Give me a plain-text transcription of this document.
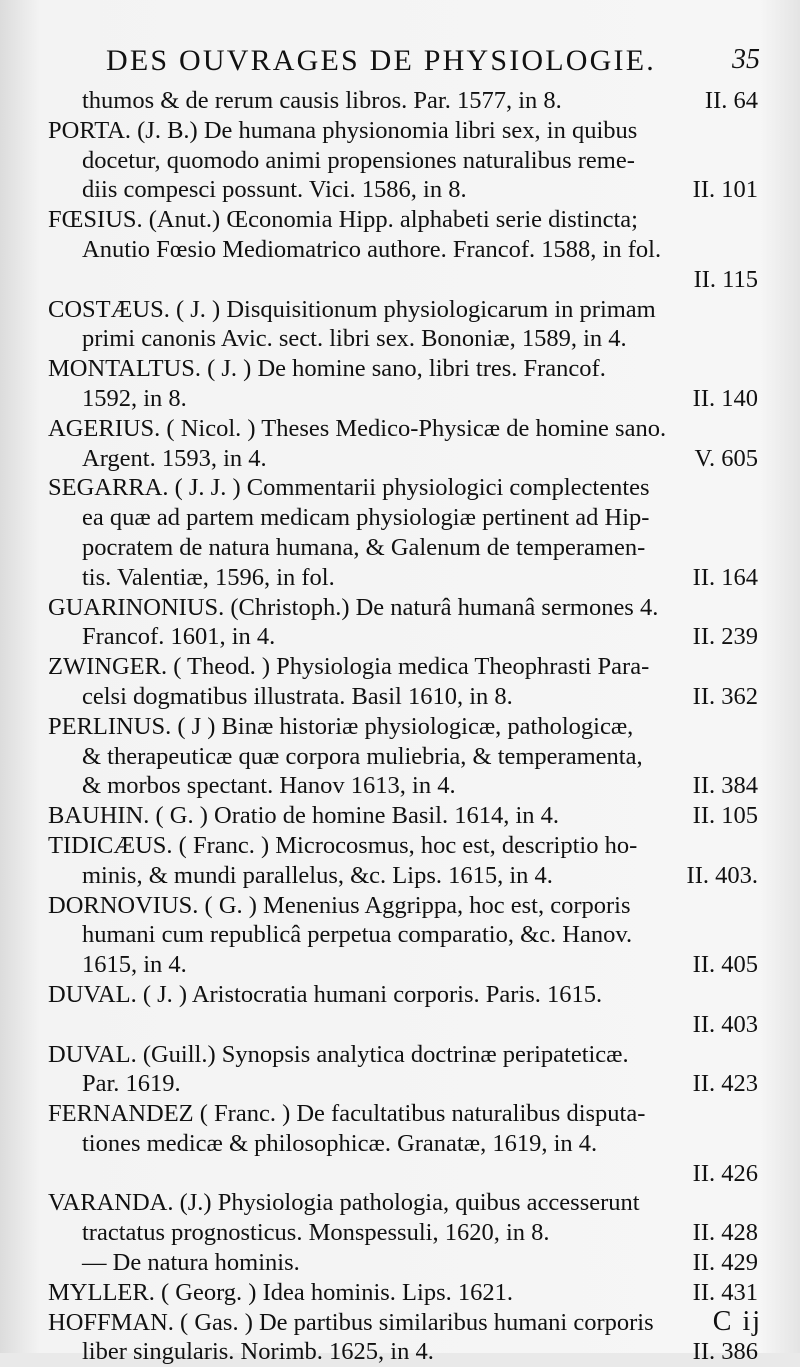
DES OUVRAGES DE PHYSIOLOGIE.	35
II. 64
thumos & de rerum causis libros. Par. 1577, in 8.
PORTA. (J. B.) De humana physionomia libri sex, in quibus
docetur, quomodo animi propensiones naturalibus reme-
II. 101
diis compesci possunt. Vici. 1586, in 8.
FŒSIUS. (Anut.) Œconomia Hipp. alphabeti serie distincta;
Anutio Fœsio Mediomatrico authore. Francof. 1588, in fol.
II. 115
COSTÆUS. ( J. ) Disquisitionum physiologicarum in primam
primi canonis Avic. sect. libri sex. Bononiæ, 1589, in 4.
MONTALTUS. ( J. ) De homine sano, libri tres. Francof.
II. 140
1592, in 8.
AGERIUS. ( Nicol. ) Theses Medico-Physicæ de homine sano.
V. 605
Argent. 1593, in 4.
SEGARRA. ( J. J. ) Commentarii physiologici complectentes
ea quæ ad partem medicam physiologiæ pertinent ad Hip-
pocratem de natura humana, & Galenum de temperamen-
II. 164
tis. Valentiæ, 1596, in fol.
GUARINONIUS. (Christoph.) De naturâ humanâ sermones 4.
II. 239
Francof. 1601, in 4.
ZWINGER. ( Theod. ) Physiologia medica Theophrasti Para-
II. 362
celsi dogmatibus illustrata. Basil 1610, in 8.
PERLINUS. ( J ) Binæ historiæ physiologicæ, pathologicæ,
& therapeuticæ quæ corpora muliebria, & temperamenta,
II. 384
& morbos spectant. Hanov 1613, in 4.
II. 105
BAUHIN. ( G. ) Oratio de homine Basil. 1614, in 4.
TIDICÆUS. ( Franc. ) Microcosmus, hoc est, descriptio ho-
II. 403.
minis, & mundi parallelus, &c. Lips. 1615, in 4.
DORNOVIUS. ( G. ) Menenius Aggrippa, hoc est, corporis
humani cum republicâ perpetua comparatio, &c. Hanov.
II. 405
1615, in 4.
DUVAL. ( J. ) Aristocratia humani corporis. Paris. 1615.
II. 403
DUVAL. (Guill.) Synopsis analytica doctrinæ peripateticæ.
II. 423
Par. 1619.
FERNANDEZ ( Franc. ) De facultatibus naturalibus disputa-
tiones medicæ & philosophicæ. Granatæ, 1619, in 4.
II. 426
VARANDA. (J.) Physiologia pathologia, quibus accesserunt
II. 428
tractatus prognosticus. Monspessuli, 1620, in 8.
II. 429
— De natura hominis.
II. 431
MYLLER. ( Georg. ) Idea hominis. Lips. 1621.
HOFFMAN. ( Gas. ) De partibus similaribus humani corporis
II. 386
liber singularis. Norimb. 1625, in 4.
C ij
